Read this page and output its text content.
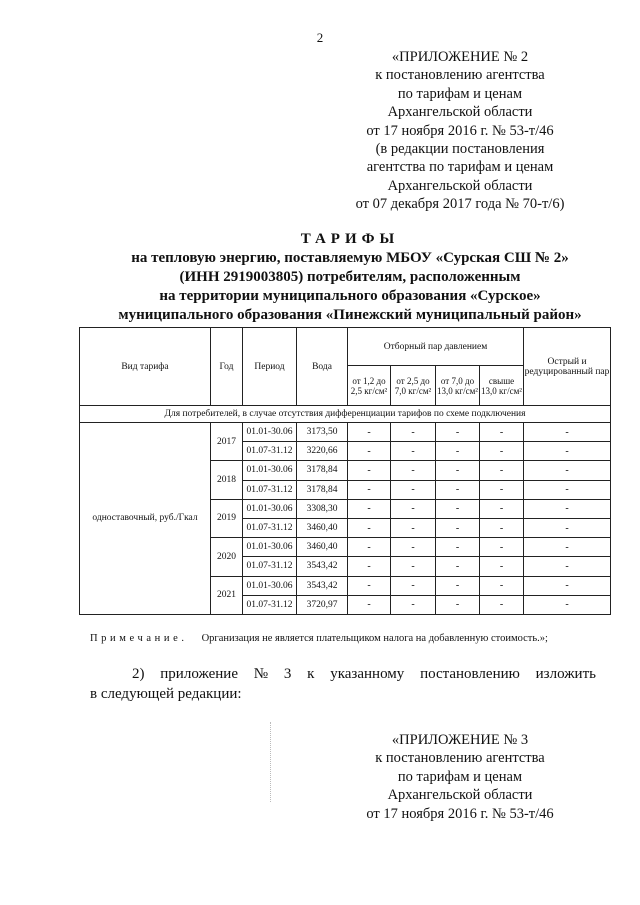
2
«ПРИЛОЖЕНИЕ № 2
к постановлению агентства
по тарифам и ценам
Архангельской области
от 17 ноября 2016 г. № 53-т/46
(в редакции постановления
агентства по тарифам и ценам
Архангельской области
от 07 декабря 2017 года № 70-т/6)
ТАРИФЫ
на тепловую энергию, поставляемую МБОУ «Сурская СШ № 2»
(ИНН 2919003805) потребителям, расположенным
на территории муниципального образования «Сурское»
муниципального образования «Пинежский муниципальный район»
Вид тарифа	Год	Период	Вода	Отборный пар давлением				Острый и редуцированный пар
				от 1,2 до 2,5 кг/см²	от 2,5 до 7,0 кг/см²	от 7,0 до 13,0 кг/см²	свыше 13,0 кг/см²	
Для потребителей, в случае отсутствия дифференциации тарифов по схеме подключения								
одноставочный, руб./Гкал	2017	01.01-30.06	3173,50	-	-	-	-	-
		01.07-31.12	3220,66	-	-	-	-	-
	2018	01.01-30.06	3178,84	-	-	-	-	-
		01.07-31.12	3178,84	-	-	-	-	-
	2019	01.01-30.06	3308,30	-	-	-	-	-
		01.07-31.12	3460,40	-	-	-	-	-
	2020	01.01-30.06	3460,40	-	-	-	-	-
		01.07-31.12	3543,42	-	-	-	-	-
	2021	01.01-30.06	3543,42	-	-	-	-	-
		01.07-31.12	3720,97	-	-	-	-	-
Примечание. Организация не является плательщиком налога на добавленную стоимость.»;
2) приложение № 3 к указанному постановлению изложить
в следующей редакции:
«ПРИЛОЖЕНИЕ № 3
к постановлению агентства
по тарифам и ценам
Архангельской области
от 17 ноября 2016 г. № 53-т/46
